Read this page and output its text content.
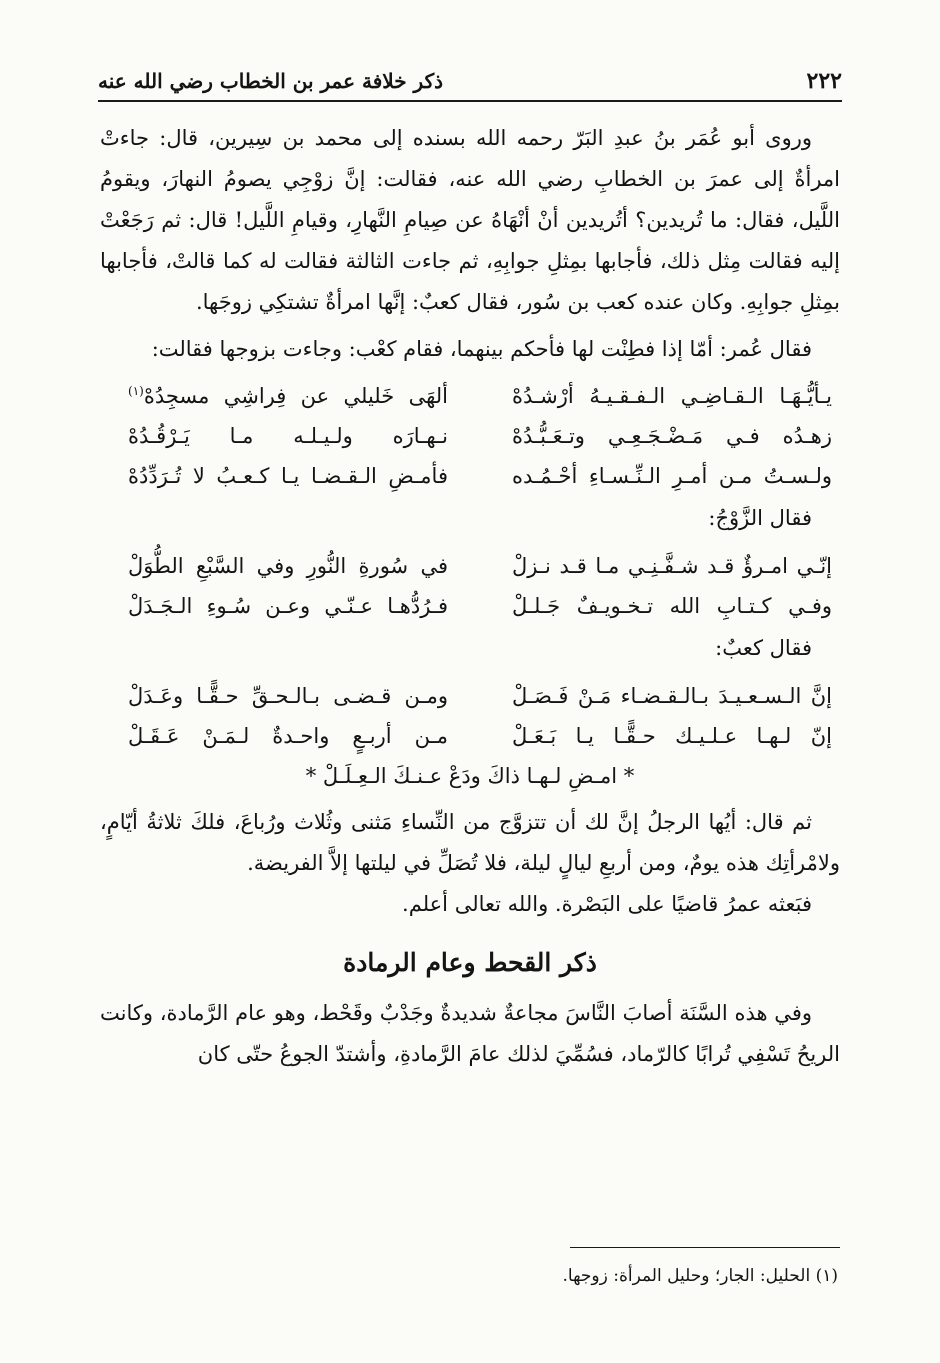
٢٢٢
ذكر خلافة عمر بن الخطاب رضي الله عنه

وروى أبو عُمَر بنُ عبدِ البَرّ رحمه الله بسنده إلى محمد بن سِيرين، قال: جاءتْ امرأةٌ إلى عمرَ بن الخطابِ رضي الله عنه، فقالت: إنَّ زوْجِي يصومُ النهارَ، ويقومُ اللَّيل، فقال: ما تُريدين؟ أتُريدين أنْ أنْهَاهُ عن صِيامِ النَّهارِ، وقيامِ اللَّيل! قال: ثم رَجَعْتْ إليه فقالت مِثل ذلك، فأجابها بمِثلِ جوابِهِ، ثم جاءت الثالثة فقالت له كما قالتْ، فأجابها بمِثلِ جوابِهِ. وكان عنده كعب بن سُور، فقال كعبٌ: إنَّها امرأةٌ تشتكِي زوجَها.

فقال عُمر: أمّا إذا فطِنْت لها فأحكم بينهما، فقام كعْب: وجاءت بزوجها فقالت:

يـأيُّـهَـا الـقـاضِـي الـفـقـيـهُ أرْشـدُهْ
ألهَى خَليلي عن فِراشِي مسجِدُهْ$^{(١)}$
زهـدُه فـي مَـضْـجَـعِـي وتـعَـبُّـدُهْ
نـهـارَه ولـيـلـه مـا يَـرْقُـدُهْ
ولـسـتُ مـن أمـرِ الـنِّـسـاءِ أحْـمُـده
فأمـضِ الـقـضـا يـا كـعـبُ لا تُـرَدِّدُهْ
فقال الزَّوْجُ:
إنّـي امـرؤٌ قـد شـفَّـنِـي مـا قـد نـزلْ
في سُورةِ النُّورِ وفي السَّبْعِ الطُّوَلْ
وفـي كـتـابِ الله تـخـويـفٌ جَـلـلْ
فـرُدُّهـا عـنّـي وعـن سُـوءِ الـجَـدَلْ
فقال كعبٌ:
إنَّ الـسـعـيـدَ بـالـقـضـاء مَـنْ فَـصَـلْ
ومـن قـضـى بـالـحـقِّ حـقًّـا وعَـدَلْ
إنّ لـهـا عـلـيـك حـقًّـا يـا بَـعَـلْ
مـن أربـعٍ واحـدةٌ لـمَـنْ عَـقَـلْ
* امـضِ لـهـا ذاكَ ودَعْ عـنـكَ الـعِـلَـلْ *

ثم قال: أيُها الرجلُ إنَّ لك أن تتزوَّج من النِّساءِ مَثنى وثُلاث ورُباعَ، فلكَ ثلاثةُ أيّامٍ، ولامْرأتِك هذه يومٌ، ومن أربعِ ليالٍ ليلة، فلا تُصَلِّ في ليلتها إلاَّ الفريضة.

فبَعثه عمرُ قاضيًا على البَصْرة. والله تعالى أعلم.

ذكر القحط وعام الرمادة

وفي هذه السَّنَة أصابَ النَّاسَ مجاعةٌ شديدةٌ وجَدْبٌ وقَحْط، وهو عام الرَّمادة، وكانت الريحُ تَسْفِي تُرابًا كالرّماد، فسُمِّيَ لذلك عامَ الرَّمادةِ، وأشتدّ الجوعُ حتّى كان

(١) الحليل: الجار؛ وحليل المرأة: زوجها.
